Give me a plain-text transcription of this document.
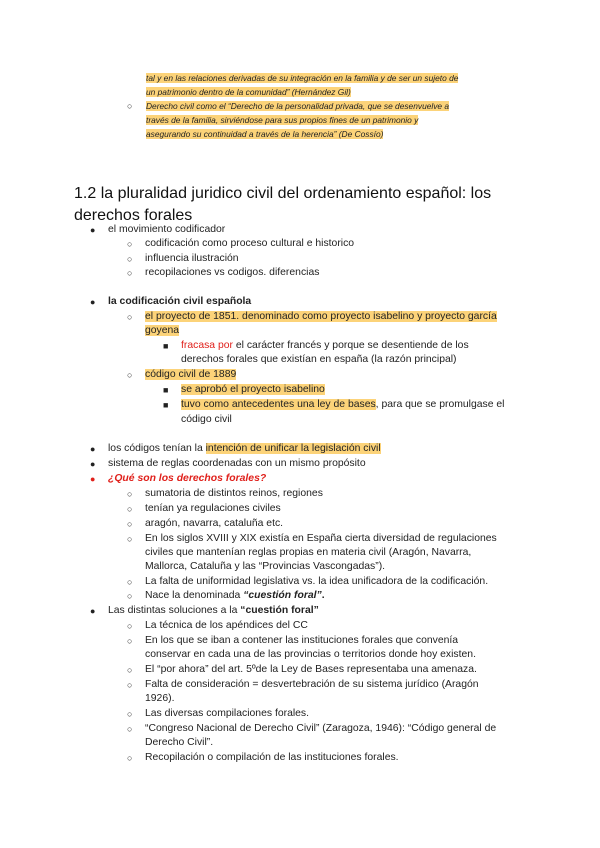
tal y en las relaciones derivadas de su integración en la familia y de ser un sujeto de
un patrimonio dentro de la comunidad” (Hernández Gil)
○ Derecho civil como el “Derecho de la personalidad privada, que se desenvuelve a
través de la familia, sirviéndose para sus propios fines de un patrimonio y
asegurando su continuidad a través de la herencia” (De Cossío)
1.2 la pluralidad juridico civil del ordenamiento español: los
derechos forales
● el movimiento codificador
○ codificación como proceso cultural e historico
○ influencia ilustración
○ recopilaciones vs codigos. diferencias
● la codificación civil española
○ el proyecto de 1851. denominado como proyecto isabelino y proyecto garcía
goyena
■ fracasa por el carácter francés y porque se desentiende de los
derechos forales que existían en españa (la razón principal)
○ código civil de 1889
■ se aprobó el proyecto isabelino
■ tuvo como antecedentes una ley de bases, para que se promulgase el
código civil
● los códigos tenían la intención de unificar la legislación civil
● sistema de reglas coordenadas con un mismo propósito
● ¿Qué son los derechos forales?
○ sumatoria de distintos reinos, regiones
○ tenían ya regulaciones civiles
○ aragón, navarra, cataluña etc.
○ En los siglos XVIII y XIX existía en España cierta diversidad de regulaciones
civiles que mantenían reglas propias en materia civil (Aragón, Navarra,
Mallorca, Cataluña y las “Provincias Vascongadas”).
○ La falta de uniformidad legislativa vs. la idea unificadora de la codificación.
○ Nace la denominada “cuestión foral”.
● Las distintas soluciones a la “cuestión foral”
○ La técnica de los apéndices del CC
○ En los que se iban a contener las instituciones forales que convenía
conservar en cada una de las provincias o territorios donde hoy existen.
○ El “por ahora” del art. 5ºde la Ley de Bases representaba una amenaza.
○ Falta de consideración = desvertebración de su sistema jurídico (Aragón
1926).
○ Las diversas compilaciones forales.
○ “Congreso Nacional de Derecho Civil” (Zaragoza, 1946): “Código general de
Derecho Civil”.
○ Recopilación o compilación de las instituciones forales.
